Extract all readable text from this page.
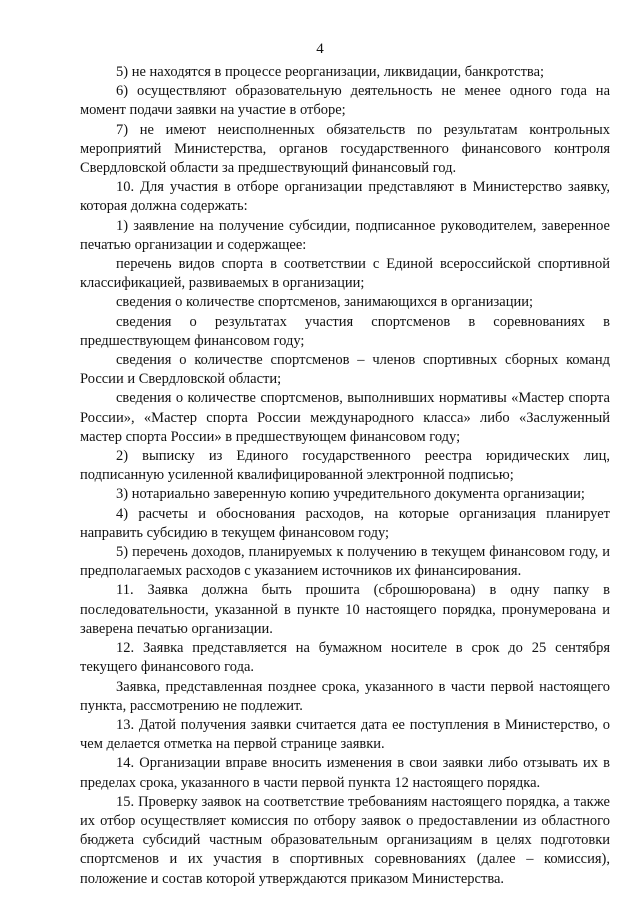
4

5) не находятся в процессе реорганизации, ликвидации, банкротства;

6) осуществляют образовательную деятельность не менее одного года на момент подачи заявки на участие в отборе;

7) не имеют неисполненных обязательств по результатам контрольных мероприятий Министерства, органов государственного финансового контроля Свердловской области за предшествующий финансовый год.

10. Для участия в отборе организации представляют в Министерство заявку, которая должна содержать:

1) заявление на получение субсидии, подписанное руководителем, заверенное печатью организации и содержащее:

перечень видов спорта в соответствии с Единой всероссийской спортивной классификацией, развиваемых в организации;

сведения о количестве спортсменов, занимающихся в организации;

сведения о результатах участия спортсменов в соревнованиях в предшествующем финансовом году;

сведения о количестве спортсменов – членов спортивных сборных команд России и Свердловской области;

сведения о количестве спортсменов, выполнивших нормативы «Мастер спорта России», «Мастер спорта России международного класса» либо «Заслуженный мастер спорта России» в предшествующем финансовом году;

2) выписку из Единого государственного реестра юридических лиц, подписанную усиленной квалифицированной электронной подписью;

3) нотариально заверенную копию учредительного документа организации;

4) расчеты и обоснования расходов, на которые организация планирует направить субсидию в текущем финансовом году;

5) перечень доходов, планируемых к получению в текущем финансовом году, и предполагаемых расходов с указанием источников их финансирования.

11. Заявка должна быть прошита (сброшюрована) в одну папку в последовательности, указанной в пункте 10 настоящего порядка, пронумерована и заверена печатью организации.

12. Заявка представляется на бумажном носителе в срок до 25 сентября текущего финансового года.

Заявка, представленная позднее срока, указанного в части первой настоящего пункта, рассмотрению не подлежит.

13. Датой получения заявки считается дата ее поступления в Министерство, о чем делается отметка на первой странице заявки.

14. Организации вправе вносить изменения в свои заявки либо отзывать их в пределах срока, указанного в части первой пункта 12 настоящего порядка.

15. Проверку заявок на соответствие требованиям настоящего порядка, а также их отбор осуществляет комиссия по отбору заявок о предоставлении из областного бюджета субсидий частным образовательным организациям в целях подготовки спортсменов и их участия в спортивных соревнованиях (далее – комиссия), положение и состав которой утверждаются приказом Министерства.
